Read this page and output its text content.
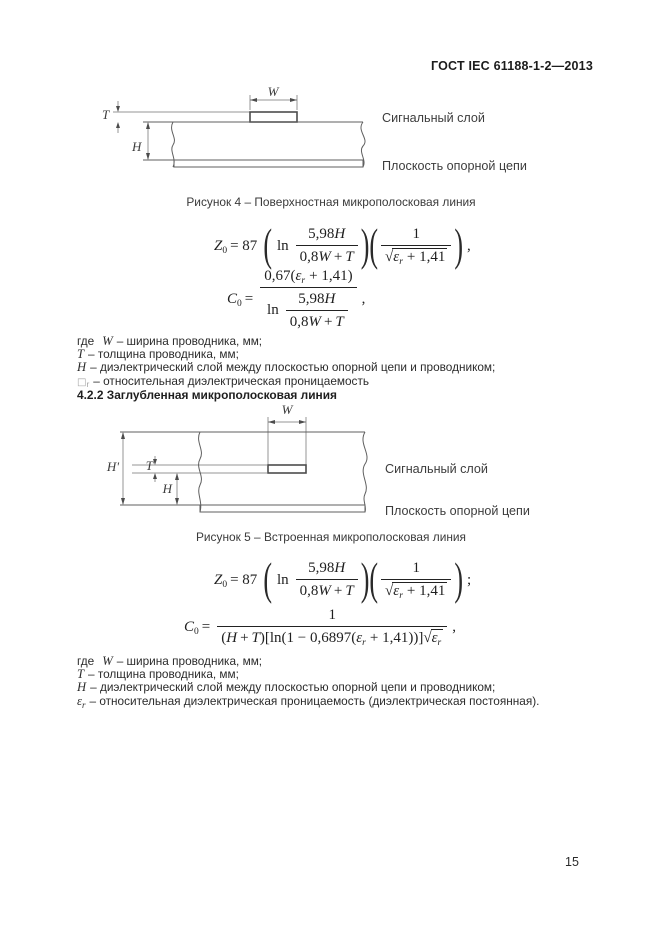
ГОСТ IEC 61188-1-2—2013
W
T
H
Сигнальный слой
Плоскость опорной цепи
Рисунок 4 – Поверхностная микрополосковая линия
$Z_0 = 87$ ( $\ln \frac{5,98H}{0,8W + T}$ )( $\frac{1}{√\varepsilon_r + 1,41}$ ) ,
$C_0 = \frac{0,67(\varepsilon_r + 1,41)}{\ln \frac{5,98H}{0,8W + T}}$ ,
где W – ширина проводника, мм;
T – толщина проводника, мм;
H – диэлектрический слой между плоскостью опорной цепи и проводником;
$□_r$ – относительная диэлектрическая проницаемость
4.2.2 Заглубленная микрополосковая линия
W
H' T
H
Сигнальный слой
Плоскость опорной цепи
Рисунок 5 – Встроенная микрополосковая линия
$Z_0 = 87$ ( $\ln \frac{5,98H}{0,8W + T}$ )( $\frac{1}{√\varepsilon_r + 1,41}$ ) ;
$C_0 = \frac{1}{(H + T)[\ln(1 - 0,6897(\varepsilon_r + 1,41))]√\varepsilon_r}$ ,
где W – ширина проводника, мм;
T – толщина проводника, мм;
H – диэлектрический слой между плоскостью опорной цепи и проводником;
$\varepsilon_r$ – относительная диэлектрическая проницаемость (диэлектрическая постоянная).
15
